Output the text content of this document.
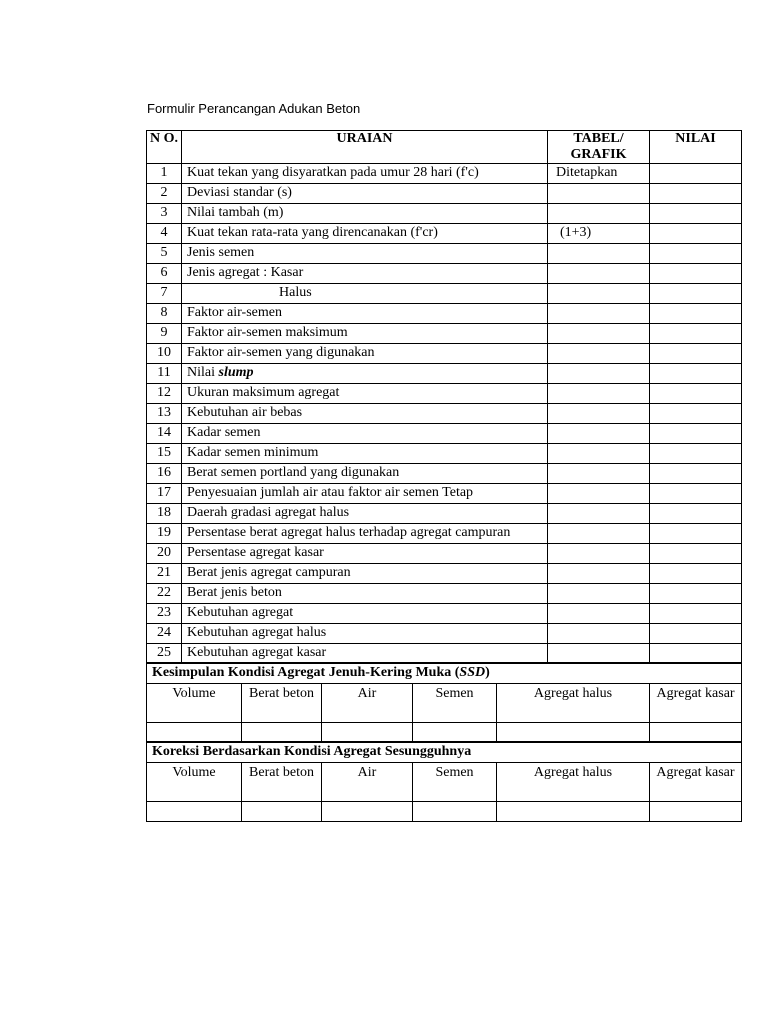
Formulir Perancangan Adukan Beton
N O.	URAIAN	TABEL/ GRAFIK	NILAI
1	Kuat tekan yang disyaratkan pada umur 28 hari (f'c)	Ditetapkan	
2	Deviasi standar (s)		
3	Nilai tambah (m)		
4	Kuat tekan rata-rata yang direncanakan (f'cr)	(1+3)	
5	Jenis semen		
6	Jenis agregat : Kasar		
7	Halus		
8	Faktor air-semen		
9	Faktor air-semen maksimum		
10	Faktor air-semen yang digunakan		
11	Nilai slump		
12	Ukuran maksimum agregat		
13	Kebutuhan air bebas		
14	Kadar semen		
15	Kadar semen minimum		
16	Berat semen portland yang digunakan		
17	Penyesuaian jumlah air atau faktor air semen Tetap		
18	Daerah gradasi agregat halus		
19	Persentase berat agregat halus terhadap agregat campuran		
20	Persentase agregat kasar		
21	Berat jenis agregat campuran		
22	Berat jenis beton		
23	Kebutuhan agregat		
24	Kebutuhan agregat halus		
25	Kebutuhan agregat kasar		
Kesimpulan Kondisi Agregat Jenuh-Kering Muka (SSD)					
Volume	Berat beton	Air	Semen	Agregat halus	Agregat kasar

Koreksi Berdasarkan Kondisi Agregat Sesungguhnya					
Volume	Berat beton	Air	Semen	Agregat halus	Agregat kasar
